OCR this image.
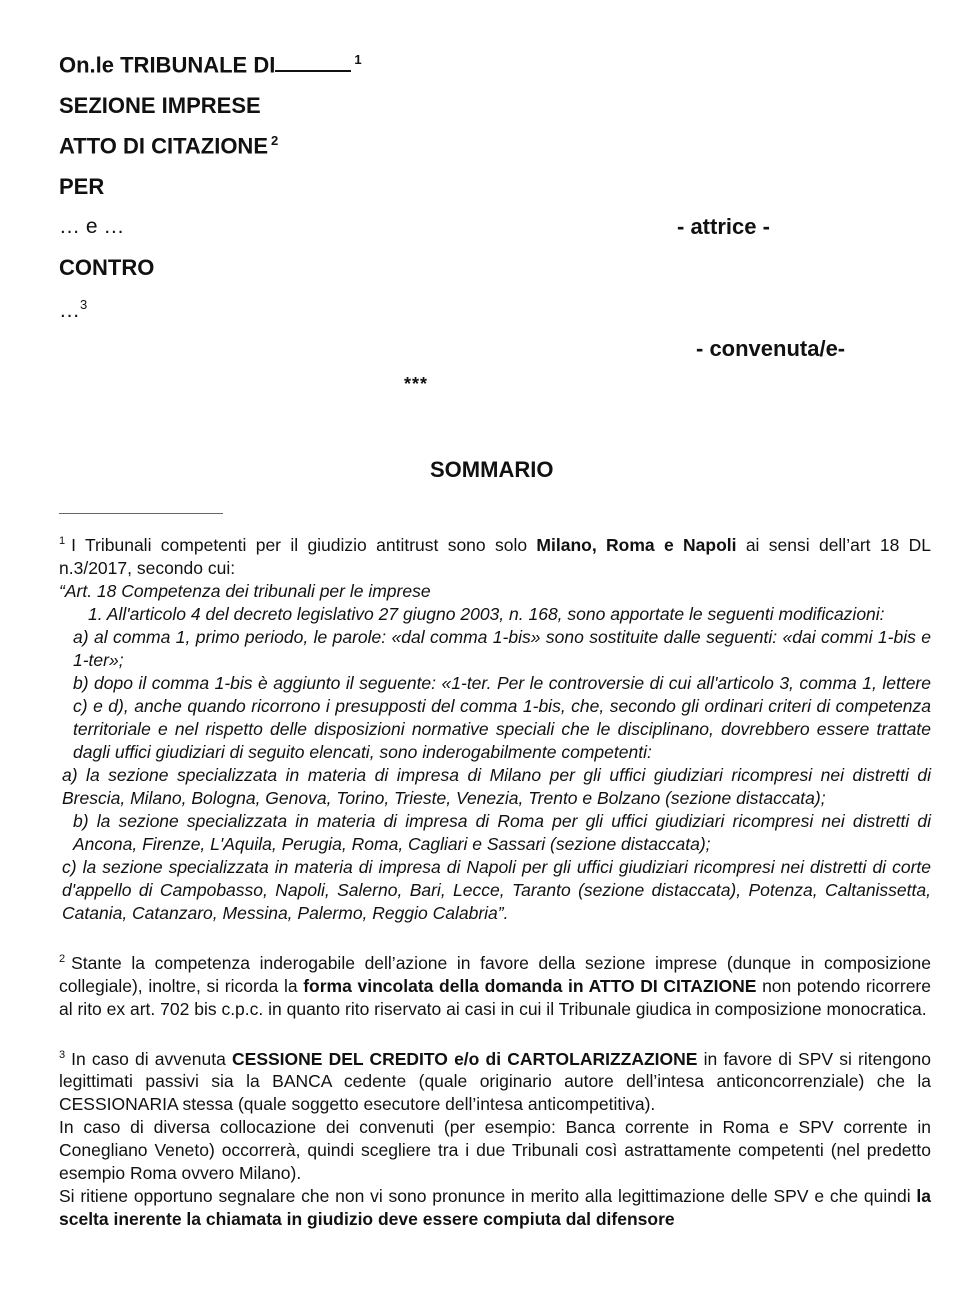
On.le TRIBUNALE DI	$^1$
SEZIONE IMPRESE
ATTO DI CITAZIONE $^2$
PER
… e …	- attrice -
CONTRO
…$^3$
- convenuta/e-
***
SOMMARIO

$^1$ I Tribunali competenti per il giudizio antitrust sono solo Milano, Roma e Napoli ai sensi dell’art 18 DL n.3/2017, secondo cui:

“Art. 18 Competenza dei tribunali per le imprese

1. All'articolo 4 del decreto legislativo 27 giugno 2003, n. 168, sono apportate le seguenti modificazioni:

a) al comma 1, primo periodo, le parole: «dal comma 1-bis» sono sostituite dalle seguenti: «dai commi 1-bis e 1-ter»;

b) dopo il comma 1-bis è aggiunto il seguente: «1-ter. Per le controversie di cui all'articolo 3, comma 1, lettere c) e d), anche quando ricorrono i presupposti del comma 1-bis, che, secondo gli ordinari criteri di competenza territoriale e nel rispetto delle disposizioni normative speciali che le disciplinano, dovrebbero essere trattate dagli uffici giudiziari di seguito elencati, sono inderogabilmente competenti:

a) la sezione specializzata in materia di impresa di Milano per gli uffici giudiziari ricompresi nei distretti di Brescia, Milano, Bologna, Genova, Torino, Trieste, Venezia, Trento e Bolzano (sezione distaccata);

b) la sezione specializzata in materia di impresa di Roma per gli uffici giudiziari ricompresi nei distretti di Ancona, Firenze, L'Aquila, Perugia, Roma, Cagliari e Sassari (sezione distaccata);

c) la sezione specializzata in materia di impresa di Napoli per gli uffici giudiziari ricompresi nei distretti di corte d'appello di Campobasso, Napoli, Salerno, Bari, Lecce, Taranto (sezione distaccata), Potenza, Caltanissetta, Catania, Catanzaro, Messina, Palermo, Reggio Calabria”.

$^2$ Stante la competenza inderogabile dell’azione in favore della sezione imprese (dunque in composizione collegiale), inoltre, si ricorda la forma vincolata della domanda in ATTO DI CITAZIONE non potendo ricorrere al rito ex art. 702 bis c.p.c. in quanto rito riservato ai casi in cui il Tribunale giudica in composizione monocratica.

$^3$ In caso di avvenuta CESSIONE DEL CREDITO e/o di CARTOLARIZZAZIONE in favore di SPV si ritengono legittimati passivi sia la BANCA cedente (quale originario autore dell’intesa anticoncorrenziale) che la CESSIONARIA stessa (quale soggetto esecutore dell’intesa anticompetitiva).

In caso di diversa collocazione dei convenuti (per esempio: Banca corrente in Roma e SPV corrente in Conegliano Veneto) occorrerà, quindi scegliere tra i due Tribunali così astrattamente competenti (nel predetto esempio Roma ovvero Milano).

Si ritiene opportuno segnalare che non vi sono pronunce in merito alla legittimazione delle SPV e che quindi la scelta inerente la chiamata in giudizio deve essere compiuta dal difensore
